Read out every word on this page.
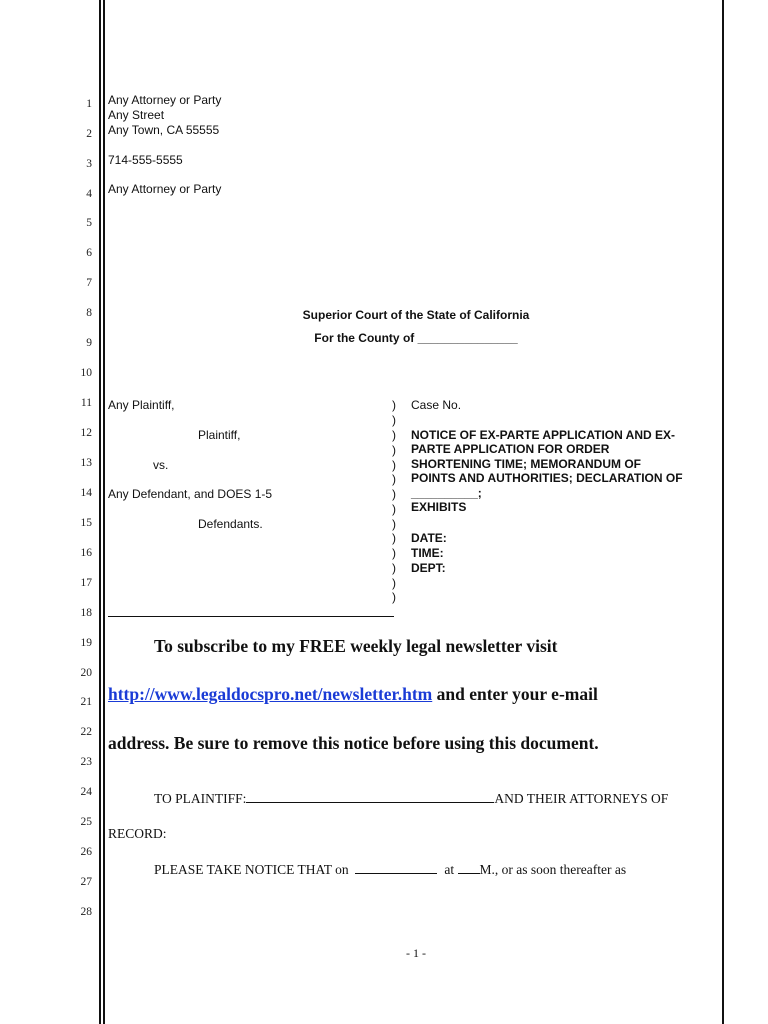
1
2
3
4
5
6
7
8
9
10
11
12
13
14
15
16
17
18
19
20
21
22
23
24
25
26
27
28
Any Attorney or Party
Any Street
Any Town, CA 55555
714-555-5555
Any Attorney or Party
Superior Court of the State of California
For the County of _______________
Any Plaintiff,
Plaintiff,
vs.
Any Defendant, and DOES 1-5
Defendants.
)
)
)
)
)
)
)
)
)
)
)
)
)
)
Case No.
NOTICE OF EX-PARTE APPLICATION AND EX-
PARTE APPLICATION FOR ORDER
SHORTENING TIME; MEMORANDUM OF
POINTS AND AUTHORITIES; DECLARATION OF
__________;
EXHIBITS
DATE:
TIME:
DEPT:
To subscribe to my FREE weekly legal newsletter visit
http://www.legaldocspro.net/newsletter.htm and enter your e-mail
address. Be sure to remove this notice before using this document.
TO PLAINTIFF:	AND THEIR ATTORNEYS OF
RECORD:
PLEASE TAKE NOTICE THAT on	at M., or as soon thereafter as
- 1 -
